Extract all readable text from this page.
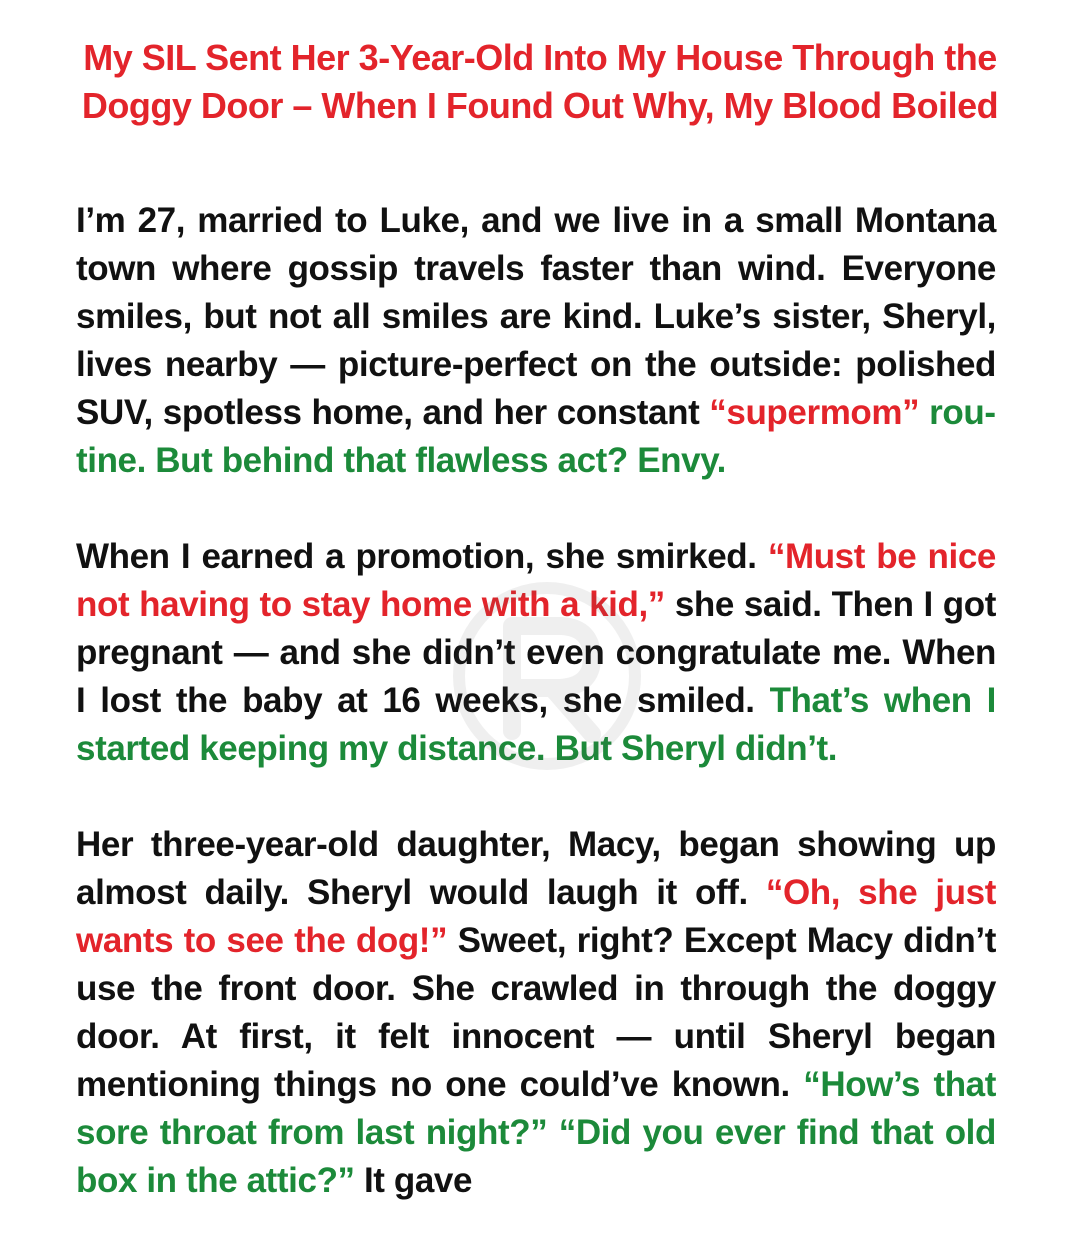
My SIL Sent Her 3-Year-Old Into My House Through the Doggy Door – When I Found Out Why, My Blood Boiled

I’m 27, married to Luke, and we live in a small Montana town where gossip travels faster than wind. Everyone smiles, but not all smiles are kind. Luke’s sister, Sheryl, lives nearby — picture-perfect on the outside: polished SUV, spotless home, and her constant “supermom” routine. But behind that flawless act? Envy.

When I earned a promotion, she smirked. “Must be nice not having to stay home with a kid,” she said. Then I got pregnant — and she didn’t even congratulate me. When I lost the baby at 16 weeks, she smiled. That’s when I started keeping my distance. But Sheryl didn’t.

Her three-year-old daughter, Macy, began showing up almost daily. Sheryl would laugh it off. “Oh, she just wants to see the dog!” Sweet, right? Except Macy didn’t use the front door. She crawled in through the doggy door. At first, it felt innocent — until Sheryl began mentioning things no one could’ve known. “How’s that sore throat from last night?” “Did you ever find that old box in the attic?” It gave
